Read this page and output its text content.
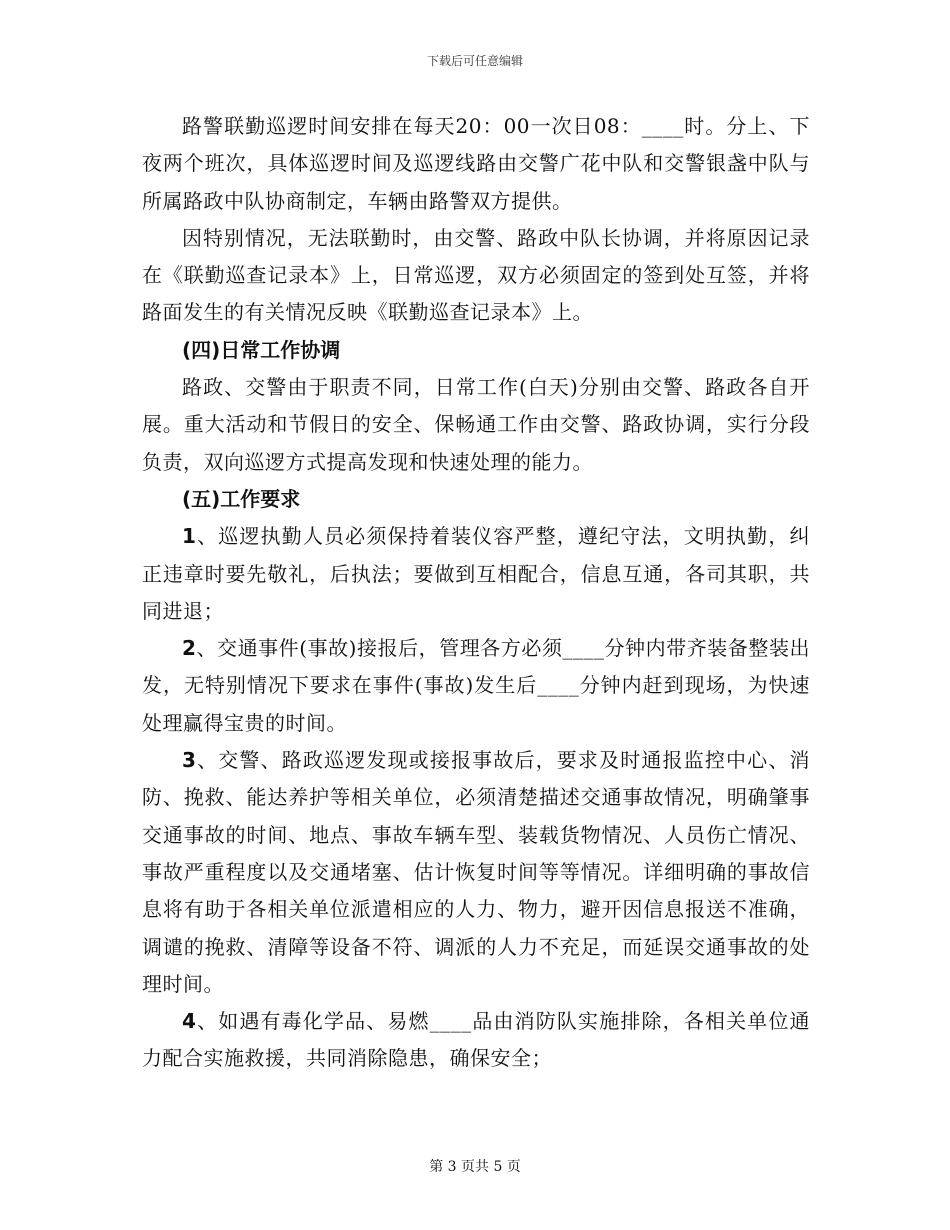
下载后可任意编辑

路警联勤巡逻时间安排在每天20：00一次日08：____时。分上、下夜两个班次，具体巡逻时间及巡逻线路由交警广花中队和交警银盏中队与所属路政中队协商制定，车辆由路警双方提供。

因特别情况，无法联勤时，由交警、路政中队长协调，并将原因记录在《联勤巡查记录本》上，日常巡逻，双方必须固定的签到处互签，并将路面发生的有关情况反映《联勤巡查记录本》上。

(四)日常工作协调

路政、交警由于职责不同，日常工作(白天)分别由交警、路政各自开展。重大活动和节假日的安全、保畅通工作由交警、路政协调，实行分段负责，双向巡逻方式提高发现和快速处理的能力。

(五)工作要求

1、巡逻执勤人员必须保持着装仪容严整，遵纪守法，文明执勤，纠正违章时要先敬礼，后执法；要做到互相配合，信息互通，各司其职，共同进退；

2、交通事件(事故)接报后，管理各方必须____分钟内带齐装备整装出发，无特别情况下要求在事件(事故)发生后____分钟内赶到现场，为快速处理赢得宝贵的时间。

3、交警、路政巡逻发现或接报事故后，要求及时通报监控中心、消防、挽救、能达养护等相关单位，必须清楚描述交通事故情况，明确肇事交通事故的时间、地点、事故车辆车型、装载货物情况、人员伤亡情况、事故严重程度以及交通堵塞、估计恢复时间等等情况。详细明确的事故信息将有助于各相关单位派遣相应的人力、物力，避开因信息报送不准确，调谴的挽救、清障等设备不符、调派的人力不充足，而延误交通事故的处理时间。

4、如遇有毒化学品、易燃____品由消防队实施排除，各相关单位通力配合实施救援，共同消除隐患，确保安全；

第 3 页共 5 页
